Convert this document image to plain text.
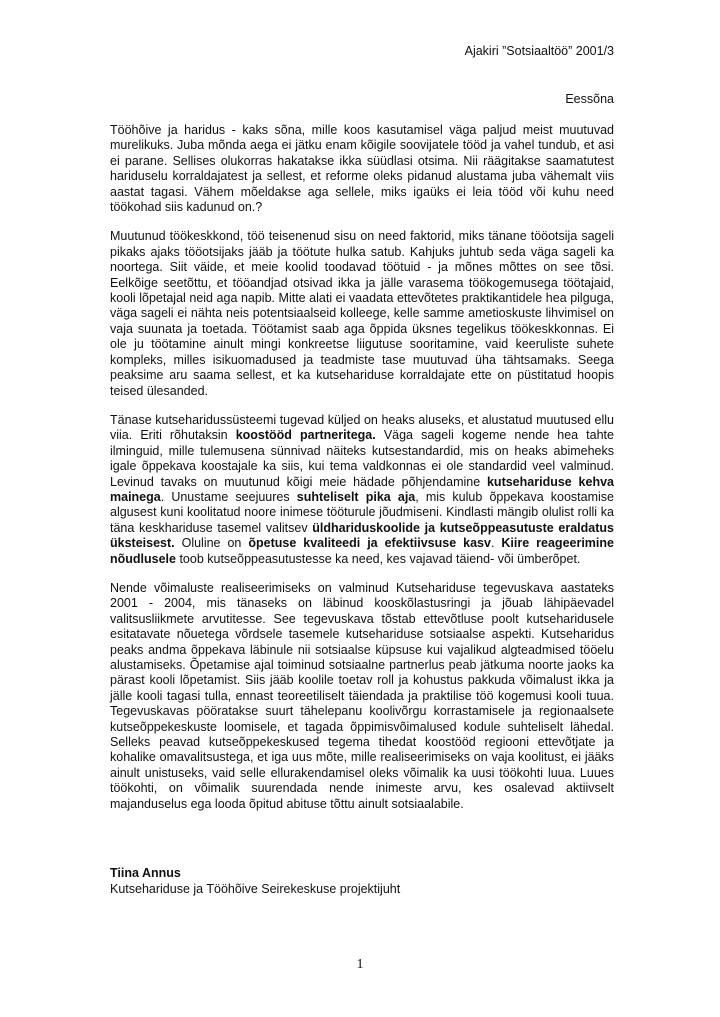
Ajakiri ”Sotsiaaltöö” 2001/3
Eessõna

Tööhõive ja haridus - kaks sõna, mille koos kasutamisel väga paljud meist muutuvad murelikuks. Juba mõnda aega ei jätku enam kõigile soovijatele tööd ja vahel tundub, et asi ei parane. Sellises olukorras hakatakse ikka süüdlasi otsima. Nii räägitakse saamatutest hariduselu korraldajatest ja sellest, et reforme oleks pidanud alustama juba vähemalt viis aastat tagasi. Vähem mõeldakse aga sellele, miks igaüks ei leia tööd või kuhu need töökohad siis kadunud on.?

Muutunud töökeskkond, töö teisenenud sisu on need faktorid, miks tänane tööotsija sageli pikaks ajaks tööotsijaks jääb ja töötute hulka satub. Kahjuks juhtub seda väga sageli ka noortega. Siit väide, et meie koolid toodavad töötuid - ja mõnes mõttes on see tõsi. Eelkõige seetõttu, et tööandjad otsivad ikka ja jälle varasema töökogemusega töötajaid, kooli lõpetajal neid aga napib. Mitte alati ei vaadata ettevõtetes praktikantidele hea pilguga, väga sageli ei nähta neis potentsiaalseid kolleege, kelle samme ametioskuste lihvimisel on vaja suunata ja toetada. Töötamist saab aga õppida üksnes tegelikus töökeskkonnas. Ei ole ju töötamine ainult mingi konkreetse liigutuse sooritamine, vaid keeruliste suhete kompleks, milles isikuomadused ja teadmiste tase muutuvad üha tähtsamaks. Seega peaksime aru saama sellest, et ka kutsehariduse korraldajate ette on püstitatud hoopis teised ülesanded.

Tänase kutseharidussüsteemi tugevad küljed on heaks aluseks, et alustatud muutused ellu viia. Eriti rõhutaksin koostööd partneritega. Väga sageli kogeme nende hea tahte ilminguid, mille tulemusena sünnivad näiteks kutsestandardid, mis on heaks abimeheks igale õppekava koostajale ka siis, kui tema valdkonnas ei ole standardid veel valminud. Levinud tavaks on muutunud kõigi meie hädade põhjendamine kutsehariduse kehva mainega. Unustame seejuures suhteliselt pika aja, mis kulub õppekava koostamise algusest kuni koolitatud noore inimese tööturule jõudmiseni. Kindlasti mängib olulist rolli ka täna keskhariduse tasemel valitsev üldhariduskoolide ja kutseõppeasutuste eraldatus üksteisest. Oluline on õpetuse kvaliteedi ja efektiivsuse kasv. Kiire reageerimine nõudlusele toob kutseõppeasutustesse ka need, kes vajavad täiend- või ümberõpet.

Nende võimaluste realiseerimiseks on valminud Kutsehariduse tegevuskava aastateks 2001 - 2004, mis tänaseks on läbinud kooskõlastusringi ja jõuab lähipäevadel valitsusliikmete arvutitesse. See tegevuskava tõstab ettevõtluse poolt kutseharidusele esitatavate nõuetega võrdsele tasemele kutsehariduse sotsiaalse aspekti. Kutseharidus peaks andma õppekava läbinule nii sotsiaalse küpsuse kui vajalikud algteadmised tööelu alustamiseks. Õpetamise ajal toiminud sotsiaalne partnerlus peab jätkuma noorte jaoks ka pärast kooli lõpetamist. Siis jääb koolile toetav roll ja kohustus pakkuda võimalust ikka ja jälle kooli tagasi tulla, ennast teoreetiliselt täiendada ja praktilise töö kogemusi kooli tuua. Tegevuskavas pööratakse suurt tähelepanu koolivõrgu korrastamisele ja regionaalsete kutseõppekeskuste loomisele, et tagada õppimisvõimalused kodule suhteliselt lähedal. Selleks peavad kutseõppekeskused tegema tihedat koostööd regiooni ettevõtjate ja kohalike omavalitsustega, et iga uus mõte, mille realiseerimiseks on vaja koolitust, ei jääks ainult unistuseks, vaid selle ellurakendamisel oleks võimalik ka uusi töökohti luua. Luues töökohti, on võimalik suurendada nende inimeste arvu, kes osalevad aktiivselt majanduselus ega looda õpitud abituse tõttu ainult sotsiaalabile.

Tiina Annus
Kutsehariduse ja Tööhõive Seirekeskuse projektijuht
1
